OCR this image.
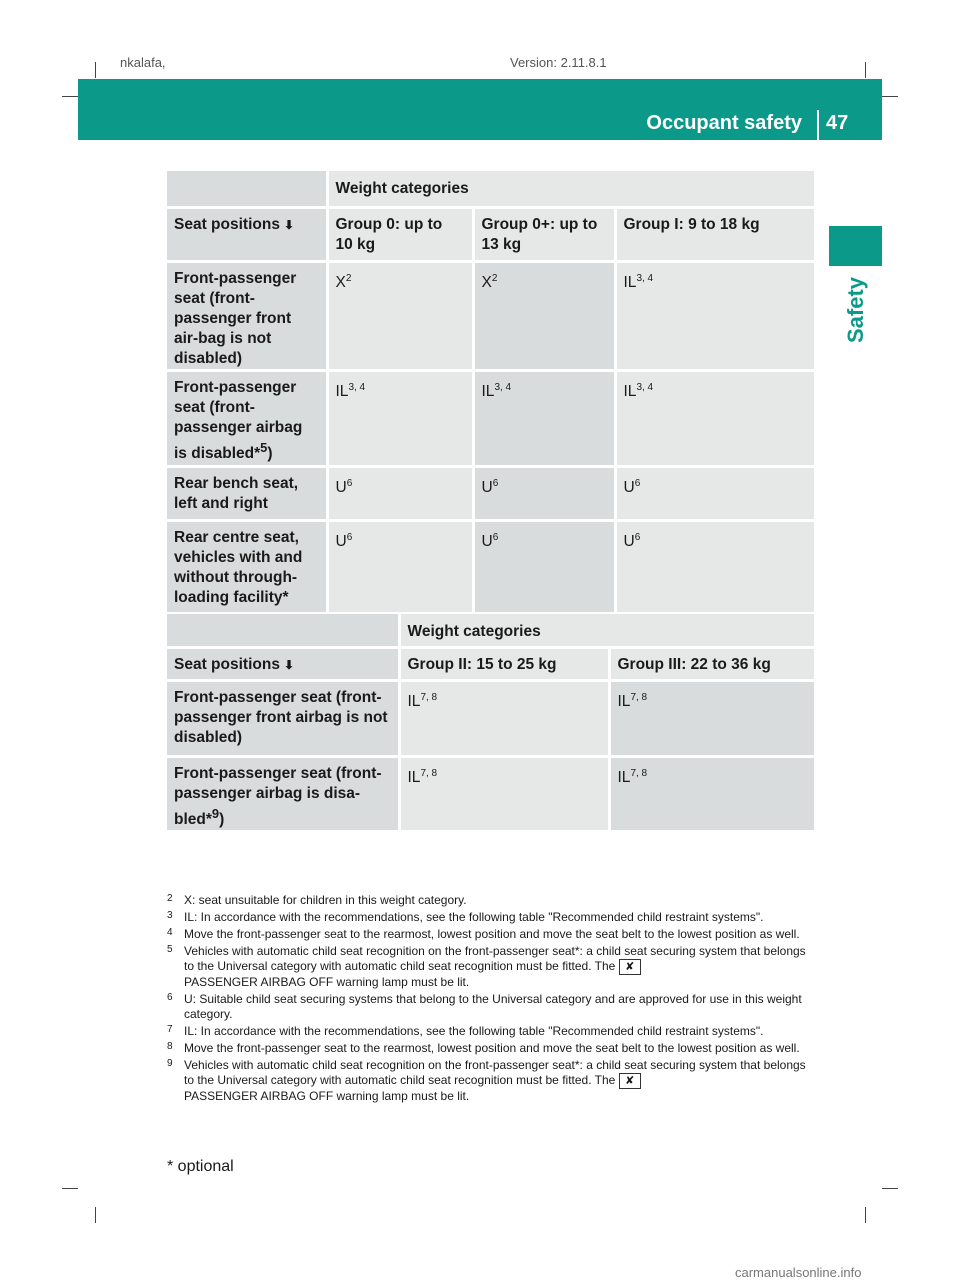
nkalafa,	Version: 2.11.8.1
Occupant safety 47
Safety
	Weight categories		
Seat positions ⬇	Group 0: up to 10 kg	Group 0+: up to 13 kg	Group I: 9 to 18 kg
Front-passenger seat (front-passenger front air-bag is not disabled)	$X^2$	$X^2$	IL$^{3, 4}$
Front-passenger seat (front-passenger airbag is disabled*$^5$)	IL$^{3, 4}$	IL$^{3, 4}$	IL$^{3, 4}$
Rear bench seat, left and right	$U^6$	$U^6$	$U^6$
Rear centre seat, vehicles with and without through-loading facility*	$U^6$	$U^6$	$U^6$
	Weight categories	
Seat positions ⬇	Group II: 15 to 25 kg	Group III: 22 to 36 kg
Front-passenger seat (front-passenger front airbag is not disabled)	IL$^{7, 8}$	IL$^{7, 8}$
Front-passenger seat (front-passenger airbag is disa-bled*$^9$)	IL$^{7, 8}$	IL$^{7, 8}$
2 X: seat unsuitable for children in this weight category.
3 IL: In accordance with the recommendations, see the following table "Recommended child restraint systems".
4 Move the front-passenger seat to the rearmost, lowest position and move the seat belt to the lowest position as well.
5 Vehicles with automatic child seat recognition on the front-passenger seat*: a child seat securing system that belongs to the Universal category with automatic child seat recognition must be fitted. The ✘
PASSENGER AIRBAG OFF warning lamp must be lit.
6 U: Suitable child seat securing systems that belong to the Universal category and are approved for use in this weight category.
7 IL: In accordance with the recommendations, see the following table "Recommended child restraint systems".
8 Move the front-passenger seat to the rearmost, lowest position and move the seat belt to the lowest position as well.
9 Vehicles with automatic child seat recognition on the front-passenger seat*: a child seat securing system that belongs to the Universal category with automatic child seat recognition must be fitted. The ✘
PASSENGER AIRBAG OFF warning lamp must be lit.
* optional
carmanualsonline.info
